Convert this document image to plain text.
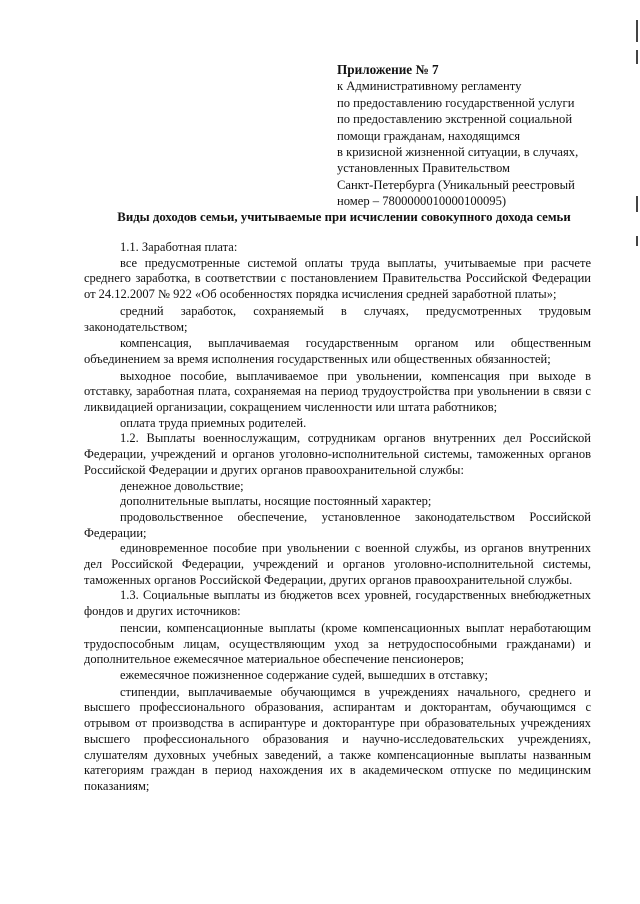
Приложение № 7
к Административному регламенту
по предоставлению государственной услуги
по предоставлению экстренной социальной
помощи гражданам, находящимся
в кризисной жизненной ситуации, в случаях,
установленных Правительством
Санкт-Петербурга (Уникальный реестровый
номер – 7800000010000100095)
Виды доходов семьи, учитываемые при исчислении совокупного дохода семьи

1.1. Заработная плата:

все предусмотренные системой оплаты труда выплаты, учитываемые при расчете среднего заработка, в соответствии с постановлением Правительства Российской Федерации от 24.12.2007 № 922 «Об особенностях порядка исчисления средней заработной платы»;

средний заработок, сохраняемый в случаях, предусмотренных трудовым законодательством;

компенсация, выплачиваемая государственным органом или общественным объединением за время исполнения государственных или общественных обязанностей;

выходное пособие, выплачиваемое при увольнении, компенсация при выходе в отставку, заработная плата, сохраняемая на период трудоустройства при увольнении в связи с ликвидацией организации, сокращением численности или штата работников;

оплата труда приемных родителей.

1.2. Выплаты военнослужащим, сотрудникам органов внутренних дел Российской Федерации, учреждений и органов уголовно-исполнительной системы, таможенных органов Российской Федерации и других органов правоохранительной службы:

денежное довольствие;

дополнительные выплаты, носящие постоянный характер;

продовольственное обеспечение, установленное законодательством Российской Федерации;

единовременное пособие при увольнении с военной службы, из органов внутренних дел Российской Федерации, учреждений и органов уголовно-исполнительной системы, таможенных органов Российской Федерации, других органов правоохранительной службы.

1.3. Социальные выплаты из бюджетов всех уровней, государственных внебюджетных фондов и других источников:

пенсии, компенсационные выплаты (кроме компенсационных выплат неработающим трудоспособным лицам, осуществляющим уход за нетрудоспособными гражданами) и дополнительное ежемесячное материальное обеспечение пенсионеров;

ежемесячное пожизненное содержание судей, вышедших в отставку;

стипендии, выплачиваемые обучающимся в учреждениях начального, среднего и высшего профессионального образования, аспирантам и докторантам, обучающимся с отрывом от производства в аспирантуре и докторантуре при образовательных учреждениях высшего профессионального образования и научно-исследовательских учреждениях, слушателям духовных учебных заведений, а также компенсационные выплаты названным категориям граждан в период нахождения их в академическом отпуске по медицинским показаниям;
